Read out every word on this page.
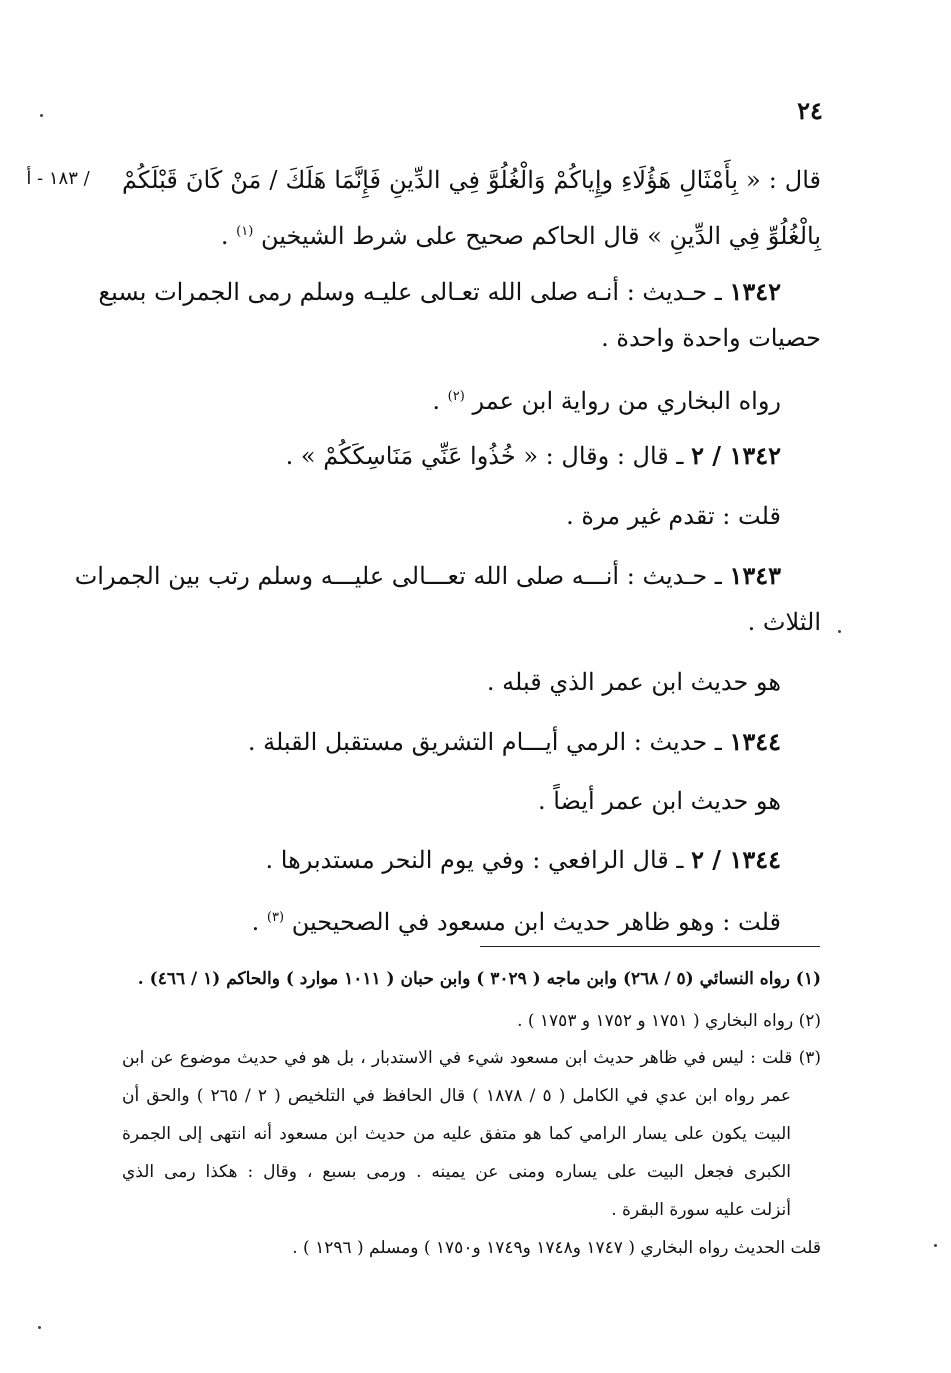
٢٤
/ ١٨٣ - أ	قال : « بِأَمْثَالِ هَؤُلَاءِ وإِياكُمْ وَالْغُلُوَّ فِي الدِّينِ فَإِنَّمَا هَلَكَ / مَنْ كَانَ قَبْلَكُمْ
بِالْغُلُوِّ فِي الدِّينِ » قال الحاكم صحيح على شرط الشيخين $^{(١)}$ .
١٣٤٢ ـ حـديث : أنـه صلى الله تعـالى عليـه وسلم رمى الجمرات بسبع
حصيات واحدة واحدة .
رواه البخاري من رواية ابن عمر $^{(٢)}$ .
١٣٤٢ / ٢ ـ قال : وقال : « خُذُوا عَنِّي مَنَاسِكَكُمْ » .
قلت : تقدم غير مرة .
١٣٤٣ ـ حـديث : أنـــه صلى الله تعـــالى عليـــه وسلم رتب بين الجمرات
الثلاث .
هو حديث ابن عمر الذي قبله .
١٣٤٤ ـ حديث : الرمي أيـــام التشريق مستقبل القبلة .
هو حديث ابن عمر أيضاً .
١٣٤٤ / ٢ ـ قال الرافعي : وفي يوم النحر مستدبرها .
قلت : وهو ظاهر حديث ابن مسعود في الصحيحين $^{(٣)}$ .
(١) رواه النسائي (٥ / ٢٦٨) وابن ماجه ( ٣٠٢٩ ) وابن حبان ( ١٠١١ موارد ) والحاكم (١ / ٤٦٦) .
(٢) رواه البخاري ( ١٧٥١ و ١٧٥٢ و ١٧٥٣ ) .
(٣) قلت : ليس في ظاهر حديث ابن مسعود شيء في الاستدبار ، بل هو في حديث موضوع عن ابن
عمر رواه ابن عدي في الكامل ( ٥ / ١٨٧٨ ) قال الحافظ في التلخيص ( ٢ / ٢٦٥ ) والحق أن
البيت يكون على يسار الرامي كما هو متفق عليه من حديث ابن مسعود أنه انتهى إلى الجمرة
الكبرى فجعل البيت على يساره ومنى عن يمينه . ورمى بسبع ، وقال : هكذا رمى الذي
أنزلت عليه سورة البقرة .
قلت الحديث رواه البخاري ( ١٧٤٧ و١٧٤٨ و١٧٤٩ و١٧٥٠ ) ومسلم ( ١٢٩٦ ) .
